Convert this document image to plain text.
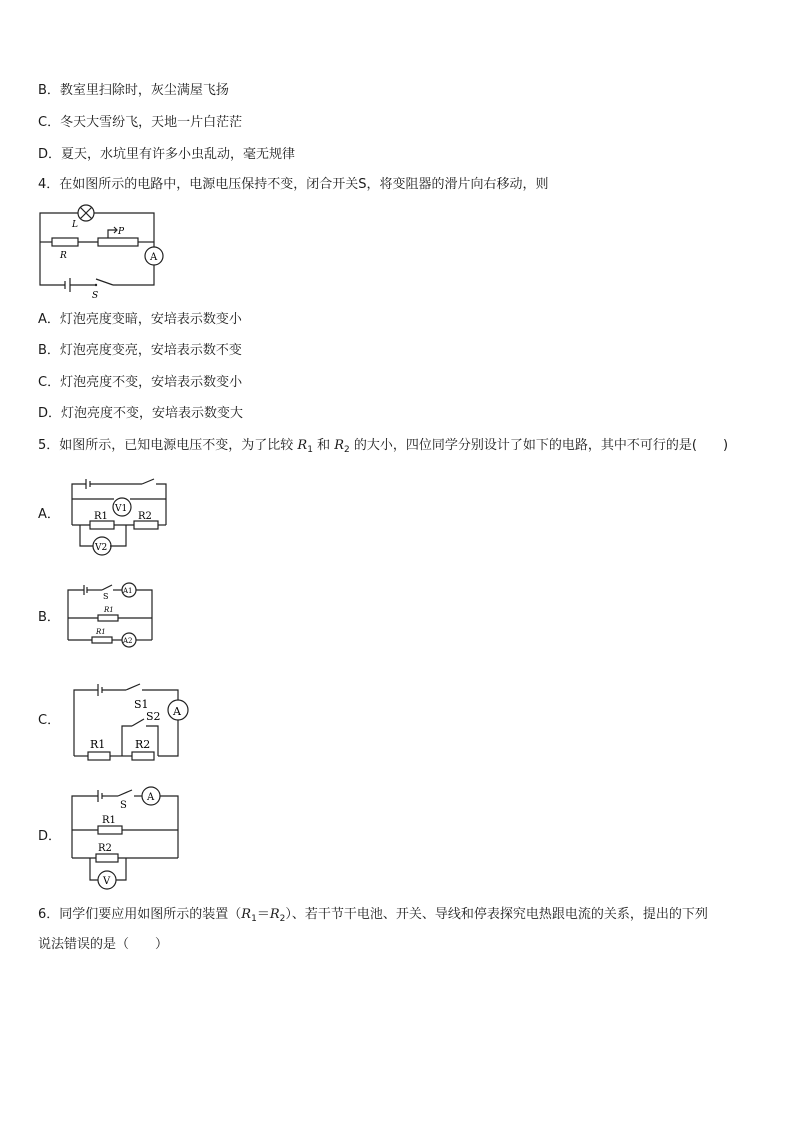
B．教室里扫除时，灰尘满屋飞扬
C．冬天大雪纷飞，天地一片白茫茫
D．夏天，水坑里有许多小虫乱动，毫无规律
4．在如图所示的电路中，电源电压保持不变，闭合开关S，将变阻器的滑片向右移动，则
L
P
R	A
S
A．灯泡亮度变暗，安培表示数变小
B．灯泡亮度变亮，安培表示数不变
C．灯泡亮度不变，安培表示数变小
D．灯泡亮度不变，安培表示数变大
5．如图所示，已知电源电压不变，为了比较 $R_1$ 和 $R_2$ 的大小，四位同学分别设计了如下的电路，其中不可行的是(　　)
A．	V1
R1	R2
V2
B．
S
A1
R1
R1
A2
C．
S1
A
R2
R1
S2
D．
S
A
R1
R2
V
6．同学们要应用如图所示的装置$(R_1=R_2)$、若干节干电池、开关、导线和停表探究电热跟电流的关系，提出的下列
说法错误的是（　　）
